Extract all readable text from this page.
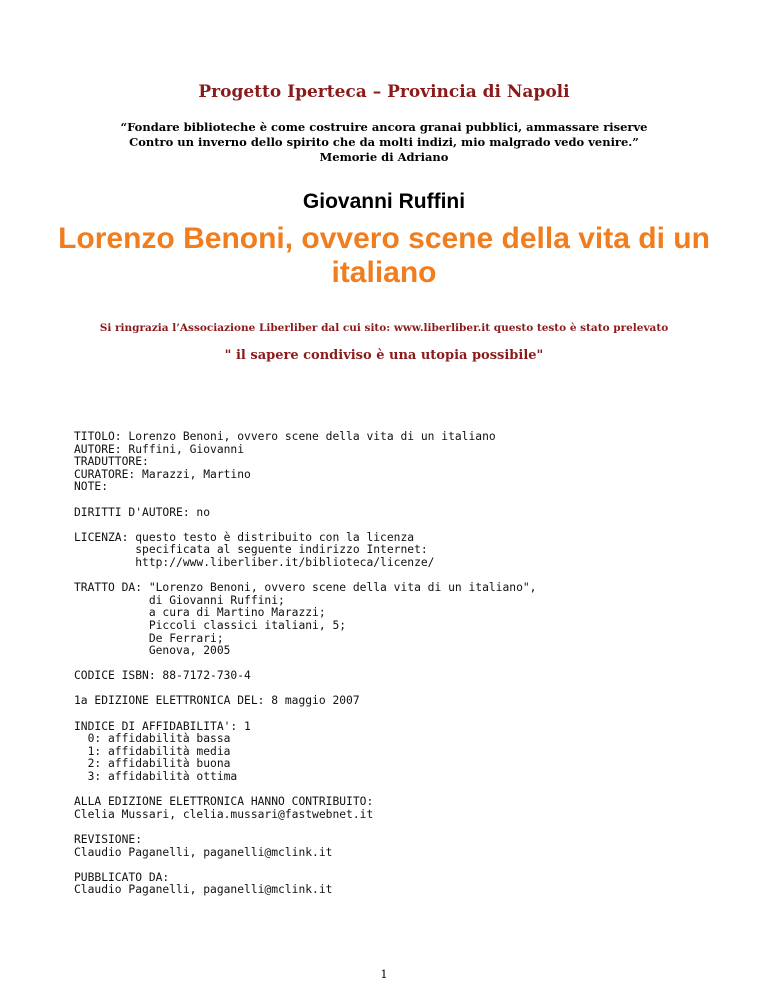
Progetto Iperteca – Provincia di Napoli
“Fondare biblioteche è come costruire ancora granai pubblici, ammassare riserve
Contro un inverno dello spirito che da molti indizi, mio malgrado vedo venire.”
Memorie di Adriano
Giovanni Ruffini
Lorenzo Benoni, ovvero scene della vita di un
italiano
Si ringrazia l’Associazione Liberliber dal cui sito: www.liberliber.it questo testo è stato prelevato
" il sapere condiviso è una utopia possibile"
TITOLO: Lorenzo Benoni, ovvero scene della vita di un italiano
AUTORE: Ruffini, Giovanni
TRADUTTORE:
CURATORE: Marazzi, Martino
NOTE:
DIRITTI D'AUTORE: no
LICENZA: questo testo è distribuito con la licenza
specificata al seguente indirizzo Internet:
http://www.liberliber.it/biblioteca/licenze/
TRATTO DA: "Lorenzo Benoni, ovvero scene della vita di un italiano",
di Giovanni Ruffini;
a cura di Martino Marazzi;
Piccoli classici italiani, 5;
De Ferrari;
Genova, 2005
CODICE ISBN: 88-7172-730-4
1a EDIZIONE ELETTRONICA DEL: 8 maggio 2007
INDICE DI AFFIDABILITA': 1
0: affidabilità bassa
1: affidabilità media
2: affidabilità buona
3: affidabilità ottima
ALLA EDIZIONE ELETTRONICA HANNO CONTRIBUITO:
Clelia Mussari, clelia.mussari@fastwebnet.it
REVISIONE:
Claudio Paganelli, paganelli@mclink.it
PUBBLICATO DA:
Claudio Paganelli, paganelli@mclink.it
1
